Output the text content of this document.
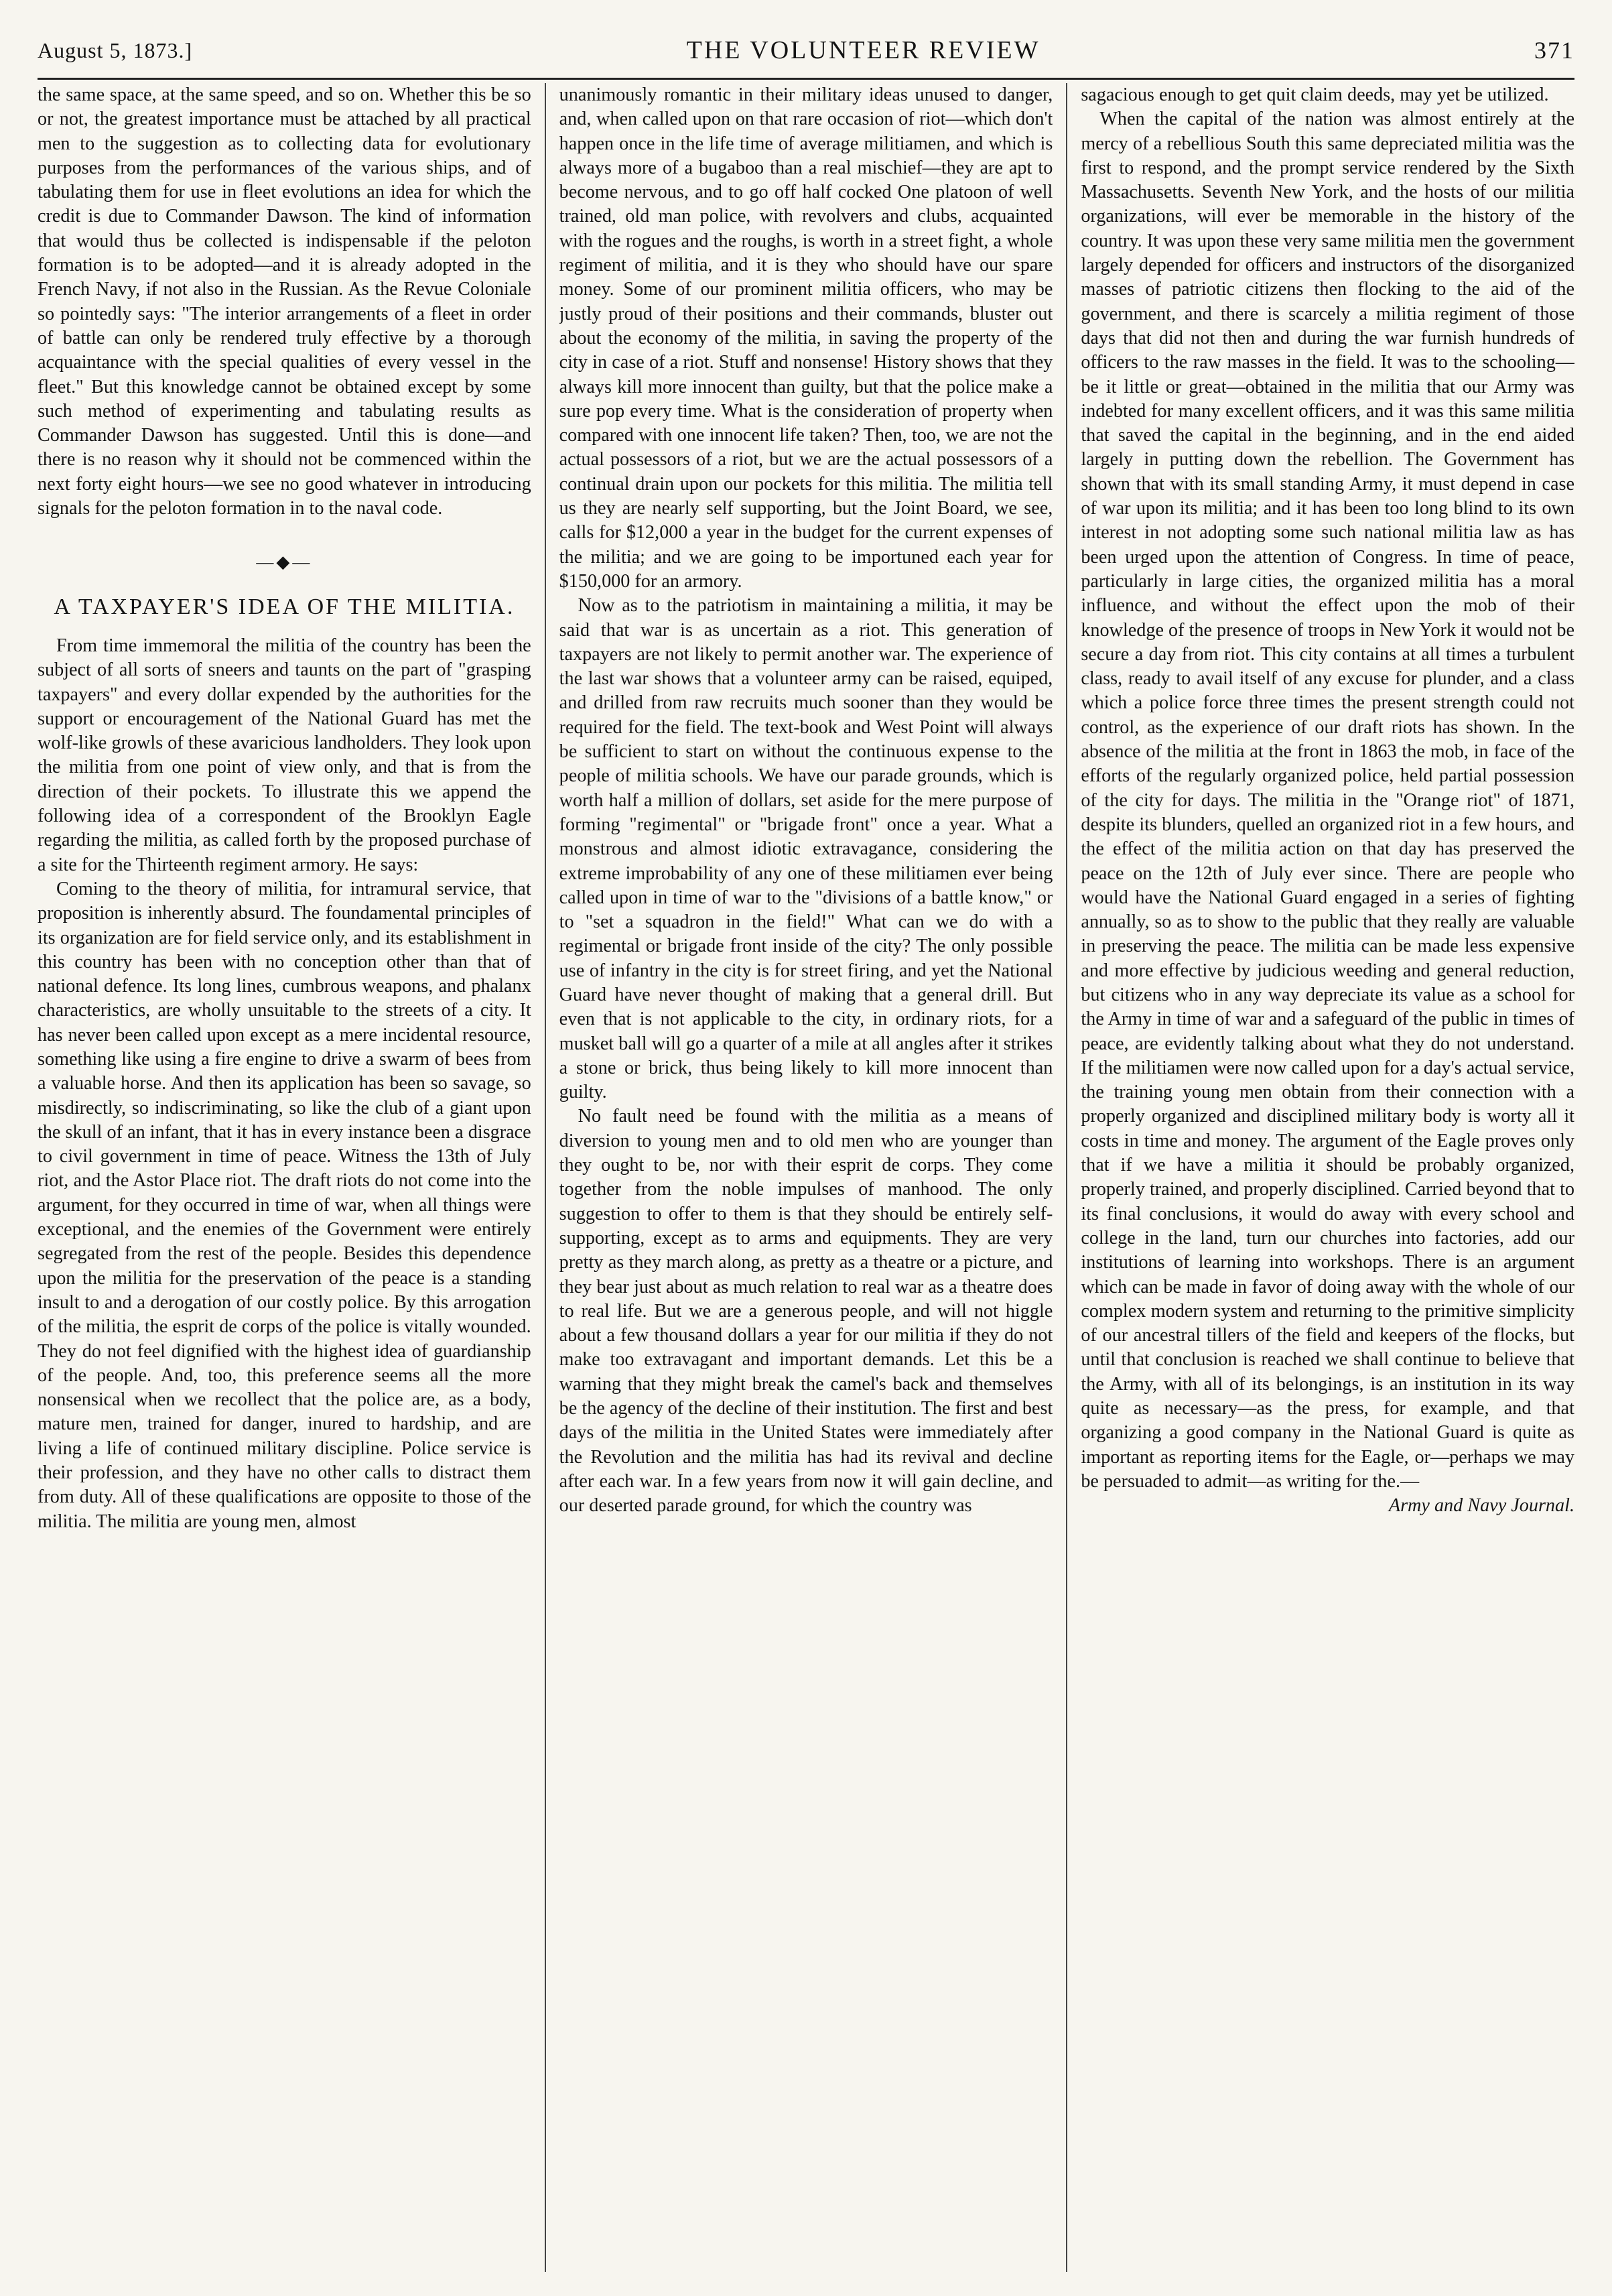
August 5, 1873.]	THE VOLUNTEER REVIEW	371

the same space, at the same speed, and so on. Whether this be so or not, the greatest importance must be attached by all practical men to the suggestion as to collecting data for evolutionary purposes from the performances of the various ships, and of tabulating them for use in fleet evolutions an idea for which the credit is due to Commander Dawson. The kind of information that would thus be collected is indispensable if the peloton formation is to be adopted—and it is already adopted in the French Navy, if not also in the Russian. As the Revue Coloniale so pointedly says: "The interior arrangements of a fleet in order of battle can only be rendered truly effective by a thorough acquaintance with the special qualities of every vessel in the fleet." But this knowledge cannot be obtained except by some such method of experimenting and tabulating results as Commander Dawson has suggested. Until this is done—and there is no reason why it should not be commenced within the next forty eight hours—we see no good whatever in introducing signals for the peloton formation in to the naval code.

—◆—
A TAXPAYER'S IDEA OF THE MILITIA.

From time immemoral the militia of the country has been the subject of all sorts of sneers and taunts on the part of "grasping taxpayers" and every dollar expended by the authorities for the support or encouragement of the National Guard has met the wolf-like growls of these avaricious landholders. They look upon the militia from one point of view only, and that is from the direction of their pockets. To illustrate this we append the following idea of a correspondent of the Brooklyn Eagle regarding the militia, as called forth by the proposed purchase of a site for the Thirteenth regiment armory. He says:

Coming to the theory of militia, for intramural service, that proposition is inherently absurd. The foundamental principles of its organization are for field service only, and its establishment in this country has been with no conception other than that of national defence. Its long lines, cumbrous weapons, and phalanx characteristics, are wholly unsuitable to the streets of a city. It has never been called upon except as a mere incidental resource, something like using a fire engine to drive a swarm of bees from a valuable horse. And then its application has been so savage, so misdirectly, so indiscriminating, so like the club of a giant upon the skull of an infant, that it has in every instance been a disgrace to civil government in time of peace. Witness the 13th of July riot, and the Astor Place riot. The draft riots do not come into the argument, for they occurred in time of war, when all things were exceptional, and the enemies of the Government were entirely segregated from the rest of the people. Besides this dependence upon the militia for the preservation of the peace is a standing insult to and a derogation of our costly police. By this arrogation of the militia, the esprit de corps of the police is vitally wounded. They do not feel dignified with the highest idea of guardianship of the people. And, too, this preference seems all the more nonsensical when we recollect that the police are, as a body, mature men, trained for danger, inured to hardship, and are living a life of continued military discipline. Police service is their profession, and they have no other calls to distract them from duty. All of these qualifications are opposite to those of the militia. The militia are young men, almost

unanimously romantic in their military ideas unused to danger, and, when called upon on that rare occasion of riot—which don't happen once in the life time of average militiamen, and which is always more of a bugaboo than a real mischief—they are apt to become nervous, and to go off half cocked One platoon of well trained, old man police, with revolvers and clubs, acquainted with the rogues and the roughs, is worth in a street fight, a whole regiment of militia, and it is they who should have our spare money. Some of our prominent militia officers, who may be justly proud of their positions and their commands, bluster out about the economy of the militia, in saving the property of the city in case of a riot. Stuff and nonsense! History shows that they always kill more innocent than guilty, but that the police make a sure pop every time. What is the consideration of property when compared with one innocent life taken? Then, too, we are not the actual possessors of a riot, but we are the actual possessors of a continual drain upon our pockets for this militia. The militia tell us they are nearly self supporting, but the Joint Board, we see, calls for $12,000 a year in the budget for the current expenses of the militia; and we are going to be importuned each year for $150,000 for an armory.

Now as to the patriotism in maintaining a militia, it may be said that war is as uncertain as a riot. This generation of taxpayers are not likely to permit another war. The experience of the last war shows that a volunteer army can be raised, equiped, and drilled from raw recruits much sooner than they would be required for the field. The text-book and West Point will always be sufficient to start on without the continuous expense to the people of militia schools. We have our parade grounds, which is worth half a million of dollars, set aside for the mere purpose of forming "regimental" or "brigade front" once a year. What a monstrous and almost idiotic extravagance, considering the extreme improbability of any one of these militiamen ever being called upon in time of war to the "divisions of a battle know," or to "set a squadron in the field!" What can we do with a regimental or brigade front inside of the city? The only possible use of infantry in the city is for street firing, and yet the National Guard have never thought of making that a general drill. But even that is not applicable to the city, in ordinary riots, for a musket ball will go a quarter of a mile at all angles after it strikes a stone or brick, thus being likely to kill more innocent than guilty.

No fault need be found with the militia as a means of diversion to young men and to old men who are younger than they ought to be, nor with their esprit de corps. They come together from the noble impulses of manhood. The only suggestion to offer to them is that they should be entirely self-supporting, except as to arms and equipments. They are very pretty as they march along, as pretty as a theatre or a picture, and they bear just about as much relation to real war as a theatre does to real life. But we are a generous people, and will not higgle about a few thousand dollars a year for our militia if they do not make too extravagant and important demands. Let this be a warning that they might break the camel's back and themselves be the agency of the decline of their institution. The first and best days of the militia in the United States were immediately after the Revolution and the militia has had its revival and decline after each war. In a few years from now it will gain decline, and our deserted parade ground, for which the country was

sagacious enough to get quit claim deeds, may yet be utilized.

When the capital of the nation was almost entirely at the mercy of a rebellious South this same depreciated militia was the first to respond, and the prompt service rendered by the Sixth Massachusetts. Seventh New York, and the hosts of our militia organizations, will ever be memorable in the history of the country. It was upon these very same militia men the government largely depended for officers and instructors of the disorganized masses of patriotic citizens then flocking to the aid of the government, and there is scarcely a militia regiment of those days that did not then and during the war furnish hundreds of officers to the raw masses in the field. It was to the schooling—be it little or great—obtained in the militia that our Army was indebted for many excellent officers, and it was this same militia that saved the capital in the beginning, and in the end aided largely in putting down the rebellion. The Government has shown that with its small standing Army, it must depend in case of war upon its militia; and it has been too long blind to its own interest in not adopting some such national militia law as has been urged upon the attention of Congress. In time of peace, particularly in large cities, the organized militia has a moral influence, and without the effect upon the mob of their knowledge of the presence of troops in New York it would not be secure a day from riot. This city contains at all times a turbulent class, ready to avail itself of any excuse for plunder, and a class which a police force three times the present strength could not control, as the experience of our draft riots has shown. In the absence of the militia at the front in 1863 the mob, in face of the efforts of the regularly organized police, held partial possession of the city for days. The militia in the "Orange riot" of 1871, despite its blunders, quelled an organized riot in a few hours, and the effect of the militia action on that day has preserved the peace on the 12th of July ever since. There are people who would have the National Guard engaged in a series of fighting annually, so as to show to the public that they really are valuable in preserving the peace. The militia can be made less expensive and more effective by judicious weeding and general reduction, but citizens who in any way depreciate its value as a school for the Army in time of war and a safeguard of the public in times of peace, are evidently talking about what they do not understand. If the militiamen were now called upon for a day's actual service, the training young men obtain from their connection with a properly organized and disciplined military body is worty all it costs in time and money. The argument of the Eagle proves only that if we have a militia it should be probably organized, properly trained, and properly disciplined. Carried beyond that to its final conclusions, it would do away with every school and college in the land, turn our churches into factories, add our institutions of learning into workshops. There is an argument which can be made in favor of doing away with the whole of our complex modern system and returning to the primitive simplicity of our ancestral tillers of the field and keepers of the flocks, but until that conclusion is reached we shall continue to believe that the Army, with all of its belongings, is an institution in its way quite as necessary—as the press, for example, and that organizing a good company in the National Guard is quite as important as reporting items for the Eagle, or—perhaps we may be persuaded to admit—as writing for the.—

Army and Navy Journal.
